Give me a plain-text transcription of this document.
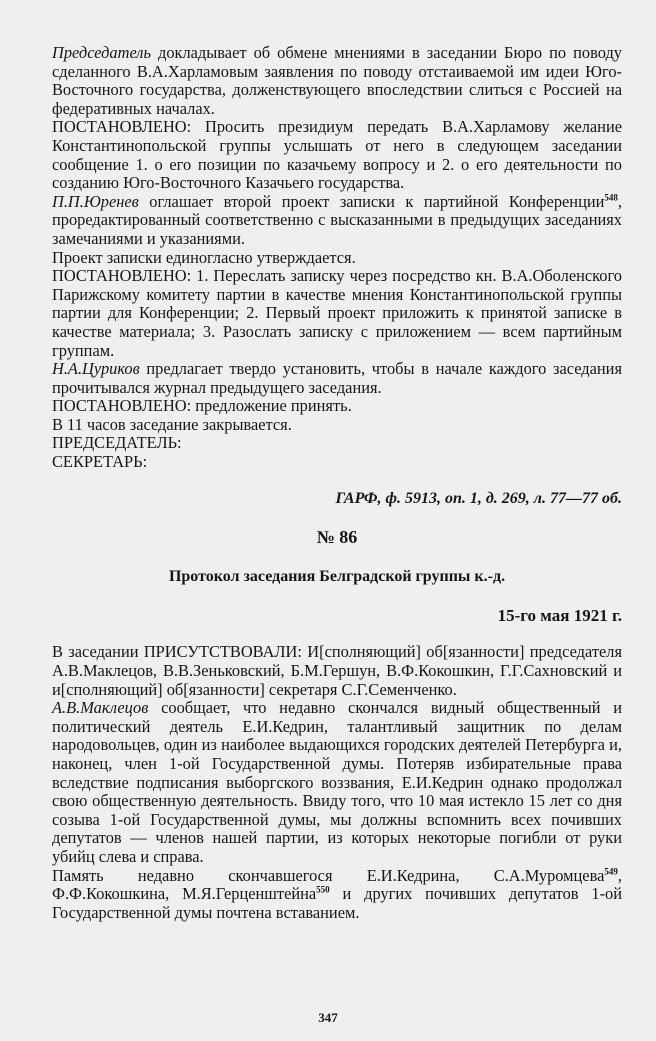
Председатель докладывает об обмене мнениями в заседании Бюро по поводу сделанного В.А.Харламовым заявления по поводу отстаиваемой им идеи Юго-Восточного государства, долженствующего впоследствии слиться с Россией на федеративных началах.

ПОСТАНОВЛЕНО: Просить президиум передать В.А.Харламову желание Константинопольской группы услышать от него в следующем заседании сообщение 1. о его позиции по казачьему вопросу и 2. о его деятельности по созданию Юго-Восточного Казачьего государства.

П.П.Юренев оглашает второй проект записки к партийной Конференции$^{548}$, проредактированный соответственно с высказанными в предыдущих заседаниях замечаниями и указаниями.

Проект записки единогласно утверждается.

ПОСТАНОВЛЕНО: 1. Переслать записку через посредство кн. В.А.Оболенского Парижскому комитету партии в качестве мнения Константинопольской группы партии для Конференции; 2. Первый проект приложить к принятой записке в качестве материала; 3. Разослать записку с приложением — всем партийным группам.

Н.А.Цуриков предлагает твердо установить, чтобы в начале каждого заседания прочитывался журнал предыдущего заседания.

ПОСТАНОВЛЕНО: предложение принять.

В 11 часов заседание закрывается.

ПРЕДСЕДАТЕЛЬ:

СЕКРЕТАРЬ:

ГАРФ, ф. 5913, оп. 1, д. 269, л. 77—77 об.
№ 86
Протокол заседания Белградской группы к.-д.
15-го мая 1921 г.

В заседании ПРИСУТСТВОВАЛИ: И[сполняющий] об[язанности] председателя А.В.Маклецов, В.В.Зеньковский, Б.М.Гершун, В.Ф.Кокошкин, Г.Г.Сахновский и и[сполняющий] об[язанности] секретаря С.Г.Семенченко.

А.В.Маклецов сообщает, что недавно скончался видный общественный и политический деятель Е.И.Кедрин, талантливый защитник по делам народовольцев, один из наиболее выдающихся городских деятелей Петербурга и, наконец, член 1-ой Государственной думы. Потеряв избирательные права вследствие подписания выборгского воззвания, Е.И.Кедрин однако продолжал свою общественную деятельность. Ввиду того, что 10 мая истекло 15 лет со дня созыва 1-ой Государственной думы, мы должны вспомнить всех почивших депутатов — членов нашей партии, из которых некоторые погибли от руки убийц слева и справа.

Память недавно скончавшегося Е.И.Кедрина, С.А.Муромцева$^{549}$, Ф.Ф.Кокошкина, М.Я.Герценштейна$^{550}$ и других почивших депутатов 1-ой Государственной думы почтена вставанием.

347
